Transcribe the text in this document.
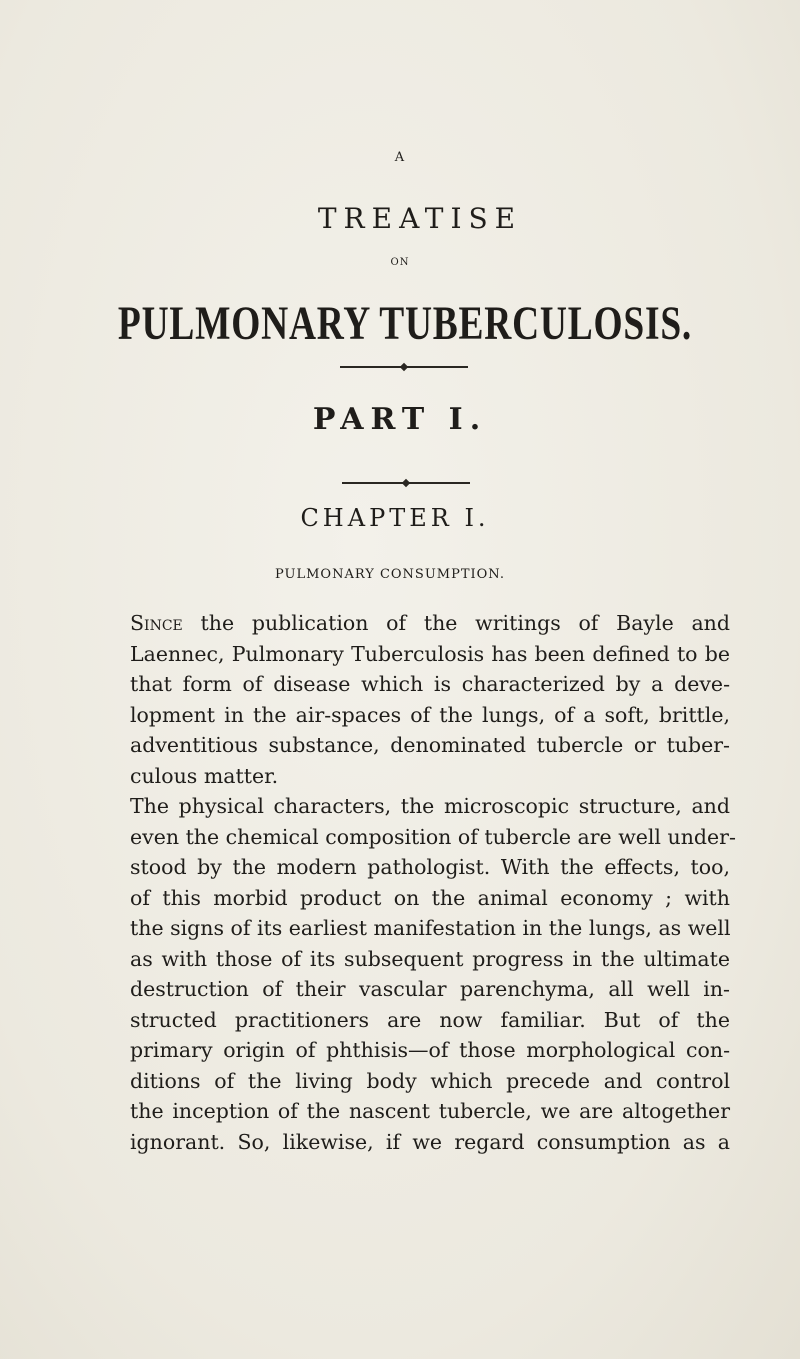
A
TREATISE
ON
PULMONARY TUBERCULOSIS.
PART I.
CHAPTER I.
PULMONARY CONSUMPTION.
Since the publication of the writings of Bayle and
Laennec, Pulmonary Tuberculosis has been defined to be
that form of disease which is characterized by a deve-
lopment in the air-spaces of the lungs, of a soft, brittle,
adventitious substance, denominated tubercle or tuber-
culous matter.
The physical characters, the microscopic structure, and
even the chemical composition of tubercle are well under-
stood by the modern pathologist. With the effects, too,
of this morbid product on the animal economy ; with
the signs of its earliest manifestation in the lungs, as well
as with those of its subsequent progress in the ultimate
destruction of their vascular parenchyma, all well in-
structed practitioners are now familiar. But of the
primary origin of phthisis—of those morphological con-
ditions of the living body which precede and control
the inception of the nascent tubercle, we are altogether
ignorant. So, likewise, if we regard consumption as a
